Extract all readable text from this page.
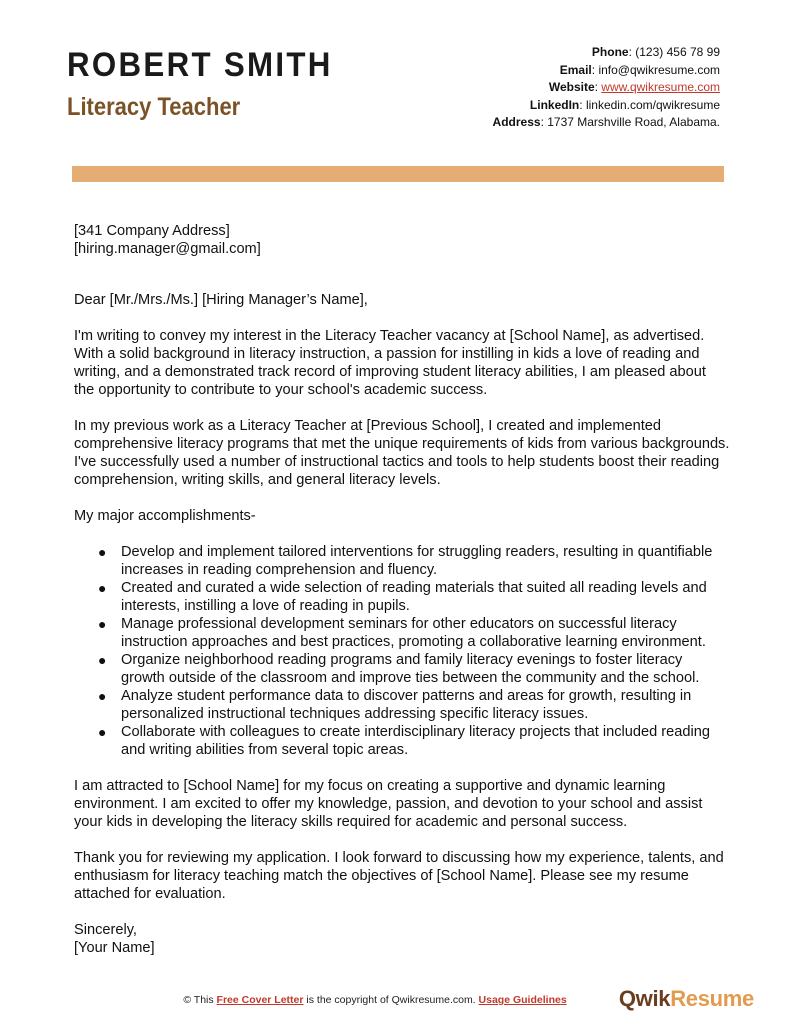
ROBERT SMITH
Literacy Teacher
Phone: (123) 456 78 99
Email: info@qwikresume.com
Website: www.qwikresume.com
LinkedIn: linkedin.com/qwikresume
Address: 1737 Marshville Road, Alabama.
[341 Company Address]
[hiring.manager@gmail.com]

Dear [Mr./Mrs./Ms.] [Hiring Manager’s Name],

I'm writing to convey my interest in the Literacy Teacher vacancy at [School Name], as advertised. With a solid background in literacy instruction, a passion for instilling in kids a love of reading and writing, and a demonstrated track record of improving student literacy abilities, I am pleased about the opportunity to contribute to your school's academic success.

In my previous work as a Literacy Teacher at [Previous School], I created and implemented comprehensive literacy programs that met the unique requirements of kids from various backgrounds. I've successfully used a number of instructional tactics and tools to help students boost their reading comprehension, writing skills, and general literacy levels.

My major accomplishments-

● Develop and implement tailored interventions for struggling readers, resulting in quantifiable increases in reading comprehension and fluency.
● Created and curated a wide selection of reading materials that suited all reading levels and interests, instilling a love of reading in pupils.
● Manage professional development seminars for other educators on successful literacy instruction approaches and best practices, promoting a collaborative learning environment.
● Organize neighborhood reading programs and family literacy evenings to foster literacy growth outside of the classroom and improve ties between the community and the school.
● Analyze student performance data to discover patterns and areas for growth, resulting in personalized instructional techniques addressing specific literacy issues.
● Collaborate with colleagues to create interdisciplinary literacy projects that included reading and writing abilities from several topic areas.

I am attracted to [School Name] for my focus on creating a supportive and dynamic learning environment. I am excited to offer my knowledge, passion, and devotion to your school and assist your kids in developing the literacy skills required for academic and personal success.

Thank you for reviewing my application. I look forward to discussing how my experience, talents, and enthusiasm for literacy teaching match the objectives of [School Name]. Please see my resume attached for evaluation.

Sincerely,
[Your Name]
© This Free Cover Letter is the copyright of Qwikresume.com. Usage Guidelines	QwikResume
